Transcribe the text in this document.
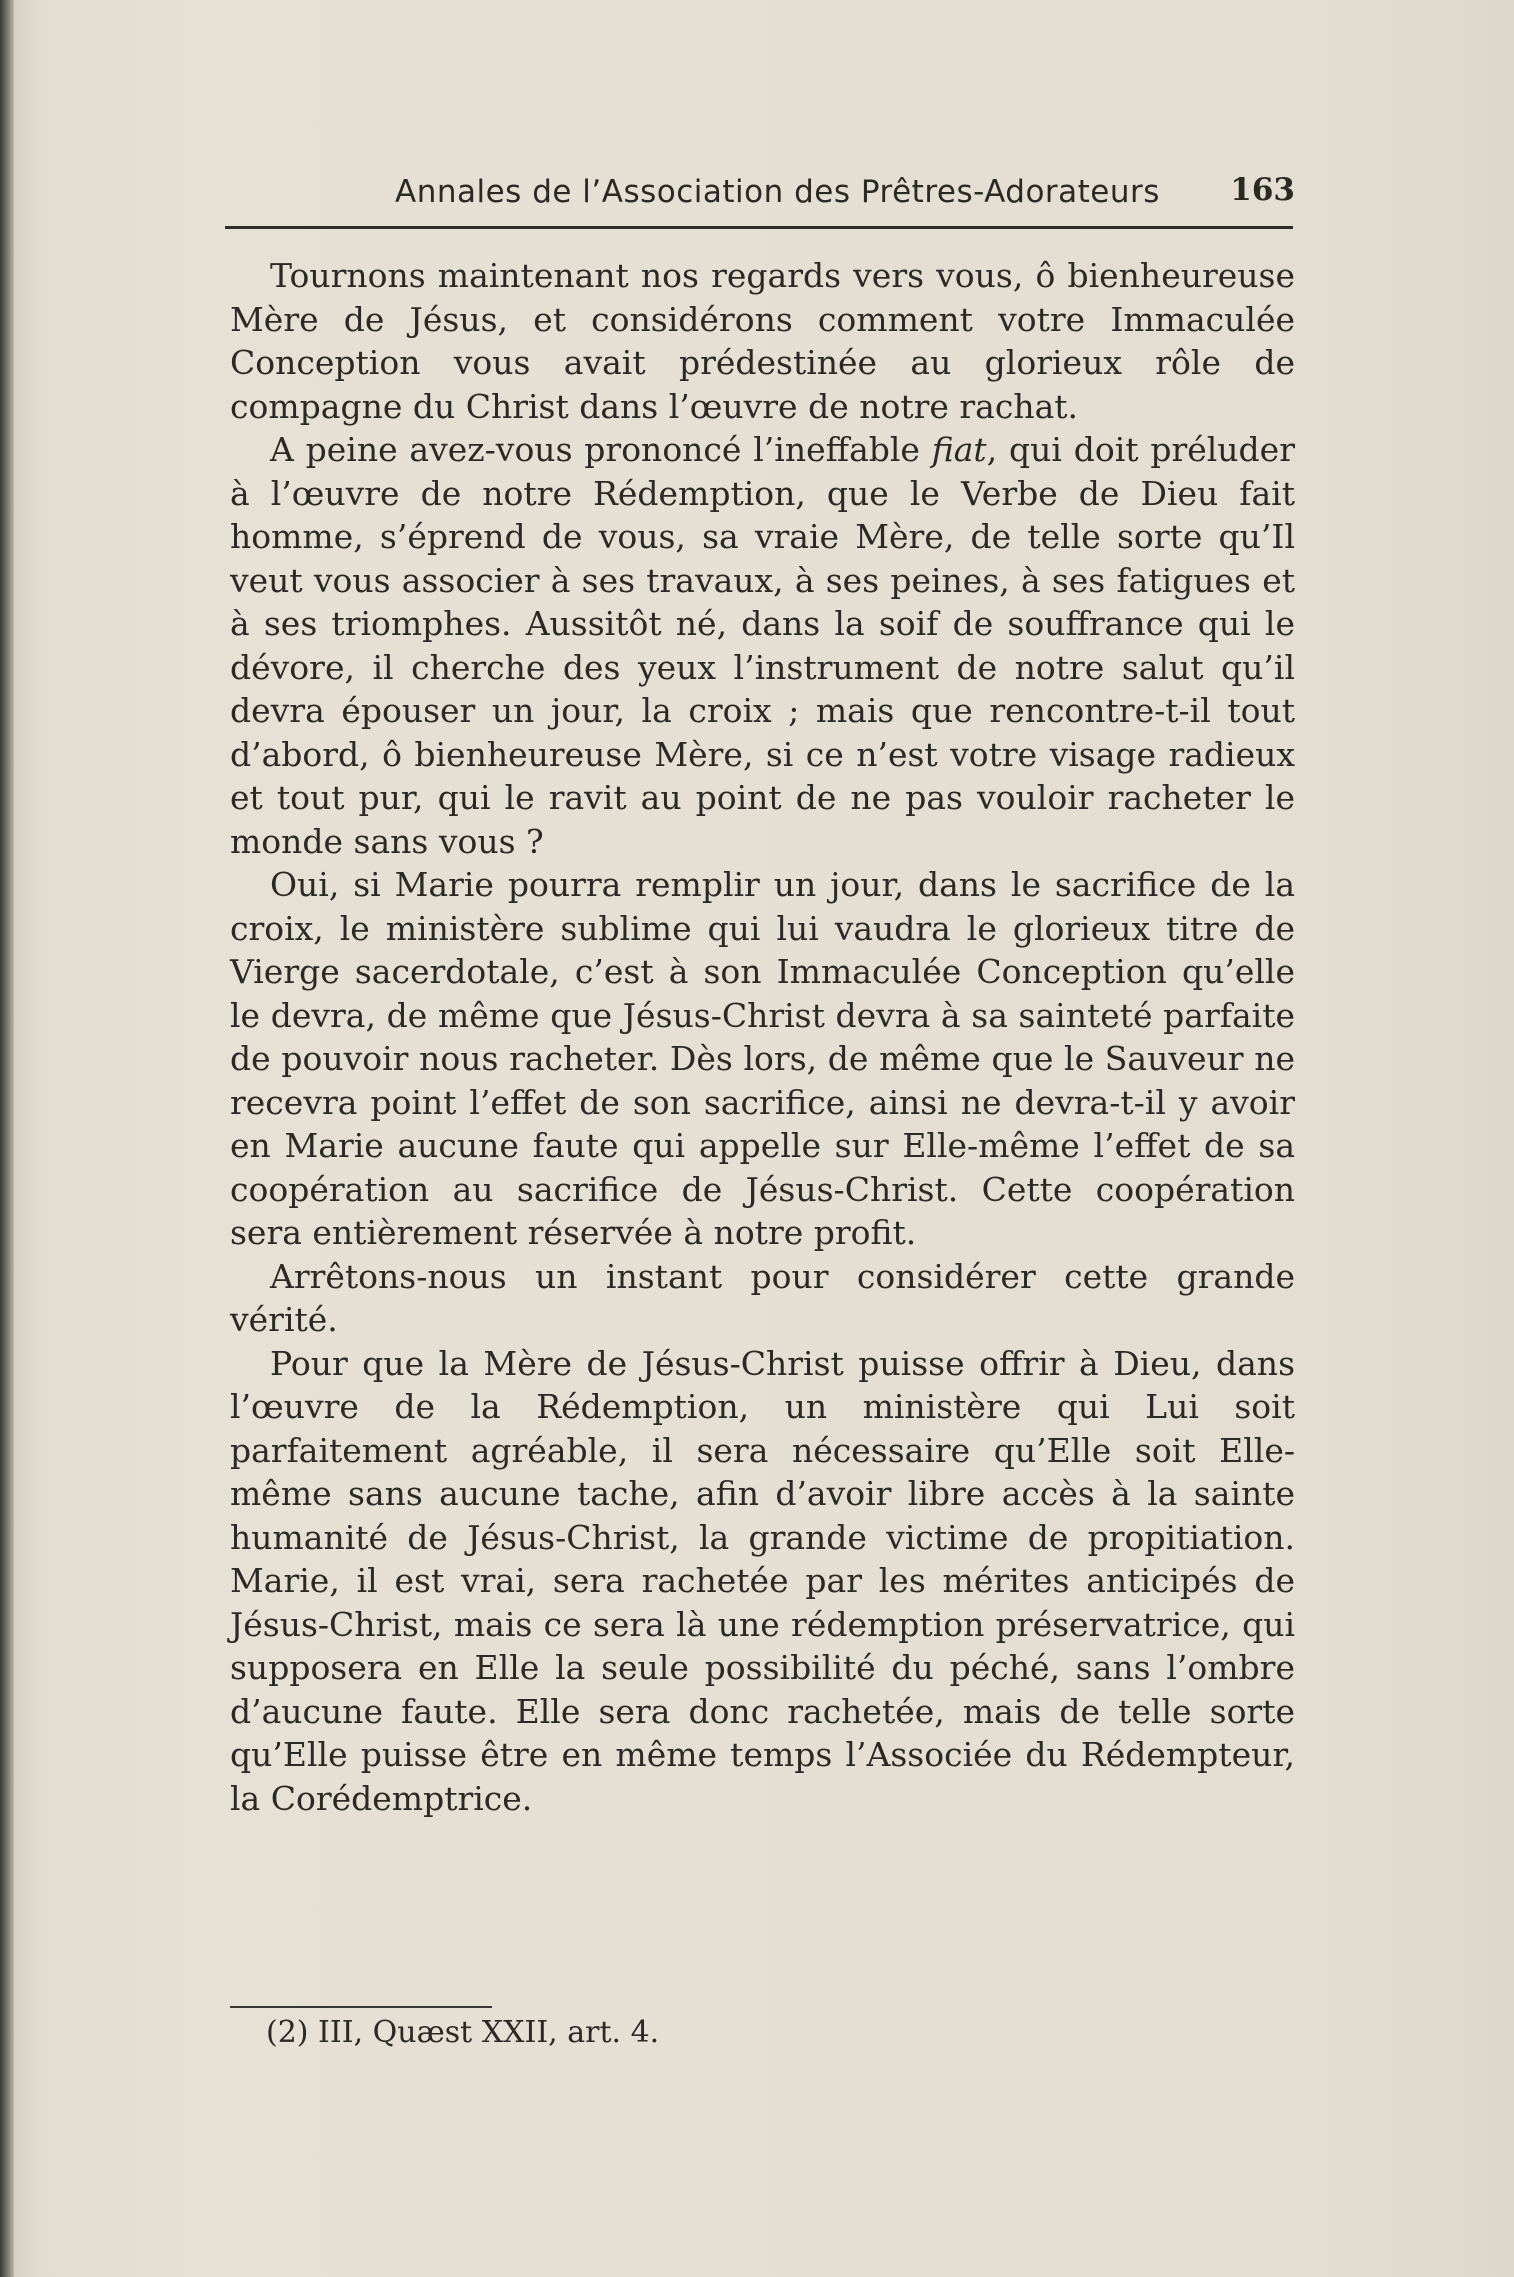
Annales de l’Association des Prêtres-Adorateurs 163

Tournons maintenant nos regards vers vous, ô bienheureuse Mère de Jésus, et considérons comment votre Immaculée Conception vous avait prédestinée au glorieux rôle de compagne du Christ dans l’œuvre de notre rachat.

A peine avez-vous prononcé l’ineffable fiat, qui doit préluder à l’œuvre de notre Rédemption, que le Verbe de Dieu fait homme, s’éprend de vous, sa vraie Mère, de telle sorte qu’Il veut vous associer à ses travaux, à ses peines, à ses fatigues et à ses triomphes. Aussitôt né, dans la soif de souffrance qui le dévore, il cherche des yeux l’instrument de notre salut qu’il devra épouser un jour, la croix ; mais que rencontre-t-il tout d’abord, ô bienheureuse Mère, si ce n’est votre visage radieux et tout pur, qui le ravit au point de ne pas vouloir racheter le monde sans vous ?

Oui, si Marie pourra remplir un jour, dans le sacrifice de la croix, le ministère sublime qui lui vaudra le glorieux titre de Vierge sacerdotale, c’est à son Immaculée Conception qu’elle le devra, de même que Jésus-Christ devra à sa sainteté parfaite de pouvoir nous racheter. Dès lors, de même que le Sauveur ne recevra point l’effet de son sacrifice, ainsi ne devra-t-il y avoir en Marie aucune faute qui appelle sur Elle-même l’effet de sa coopération au sacrifice de Jésus-Christ. Cette coopération sera entièrement réservée à notre profit.

Arrêtons-nous un instant pour considérer cette grande vérité.

Pour que la Mère de Jésus-Christ puisse offrir à Dieu, dans l’œuvre de la Rédemption, un ministère qui Lui soit parfaitement agréable, il sera nécessaire qu’Elle soit Elle-même sans aucune tache, afin d’avoir libre accès à la sainte humanité de Jésus-Christ, la grande victime de propitiation. Marie, il est vrai, sera rachetée par les mérites anticipés de Jésus-Christ, mais ce sera là une rédemption préservatrice, qui supposera en Elle la seule possibilité du péché, sans l’ombre d’aucune faute. Elle sera donc rachetée, mais de telle sorte qu’Elle puisse être en même temps l’Associée du Rédempteur, la Corédemptrice.

(2) III, Quæst XXII, art. 4.
